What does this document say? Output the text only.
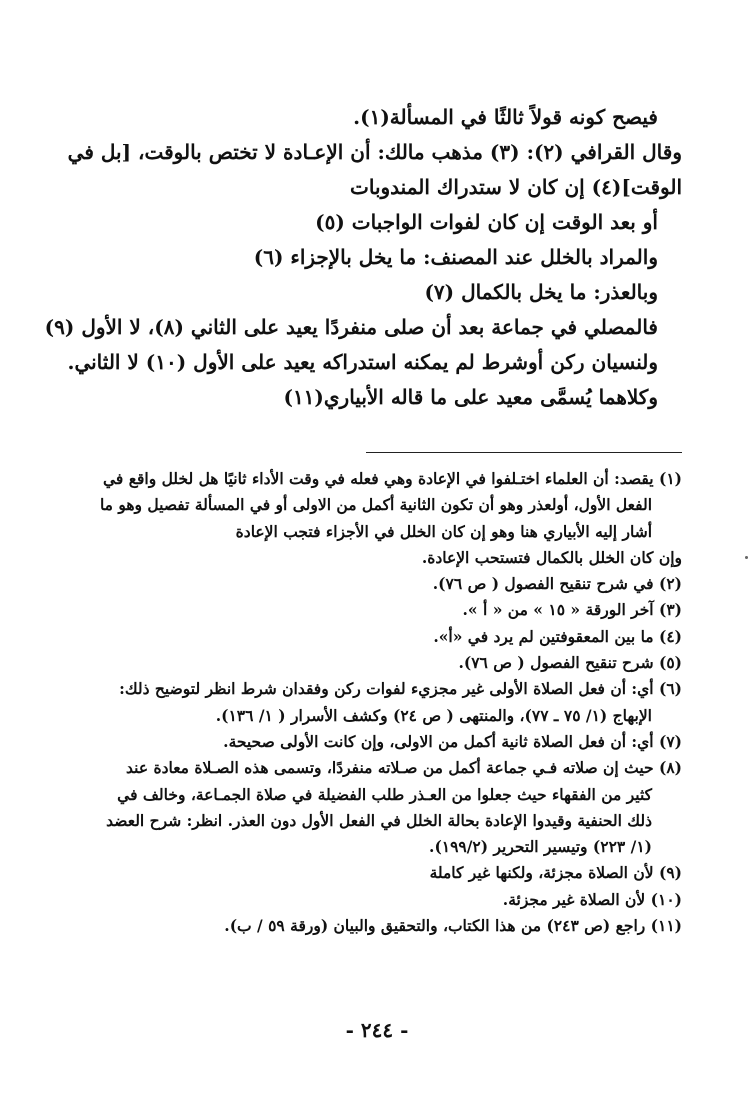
فيصح كونه قولاً ثالثًا في المسألة(١).
وقال القرافي (٢): (٣) مذهب مالك: أن الإعـادة لا تختص بالوقت، [بل في
الوقت](٤) إن كان لا ستدراك المندوبات
أو بعد الوقت إن كان لفوات الواجبات (٥)
والمراد بالخلل عند المصنف: ما يخل بالإجزاء (٦)
وبالعذر: ما يخل بالكمال (٧)
فالمصلي في جماعة بعد أن صلى منفردًا يعيد على الثاني (٨)، لا الأول (٩)
ولنسيان ركن أوشرط لم يمكنه استدراكه يعيد على الأول (١٠) لا الثاني.
وكلاهما يُسمَّى معيد على ما قاله الأبياري(١١)
(١) يقصد: أن العلماء اختـلفوا في الإعادة وهي فعله في وقت الأداء ثانيًا هل لخلل واقع في
الفعل الأول، أولعذر وهو أن تكون الثانية أكمل من الاولى أو في المسألة تفصيل وهو ما
أشار إليه الأبياري هنا وهو إن كان الخلل في الأجزاء فتجب الإعادة
وإن كان الخلل بالكمال فتستحب الإعادة.
(٢) في شرح تنقيح الفصول ( ص ٧٦).
(٣) آخر الورقة « ١٥ » من « أ ».
(٤) ما بين المعقوفتين لم يرد في «أ».
(٥) شرح تنقيح الفصول ( ص ٧٦).
(٦) أي: أن فعل الصلاة الأولى غير مجزيء لفوات ركن وفقدان شرط انظر لتوضيح ذلك:
الإبهاج (١/ ٧٥ ـ ٧٧)، والمنتهى ( ص ٢٤) وكشف الأسرار ( ١/ ١٣٦).
(٧) أي: أن فعل الصلاة ثانية أكمل من الاولى، وإن كانت الأولى صحيحة.
(٨) حيث إن صلاته فـي جماعة أكمل من صـلاته منفردًا، وتسمى هذه الصـلاة معادة عند
كثير من الفقهاء حيث جعلوا من العـذر طلب الفضيلة في صلاة الجمـاعة، وخالف في
ذلك الحنفية وقيدوا الإعادة بحالة الخلل في الفعل الأول دون العذر. انظر: شرح العضد
(١/ ٢٢٣) وتيسير التحرير (١٩٩/٢).
(٩) لأن الصلاة مجزئة، ولكنها غير كاملة
(١٠) لأن الصلاة غير مجزئة.
(١١) راجع (ص ٢٤٣) من هذا الكتاب، والتحقيق والبيان (ورقة ٥٩ / ب).
- ٢٤٤ -
